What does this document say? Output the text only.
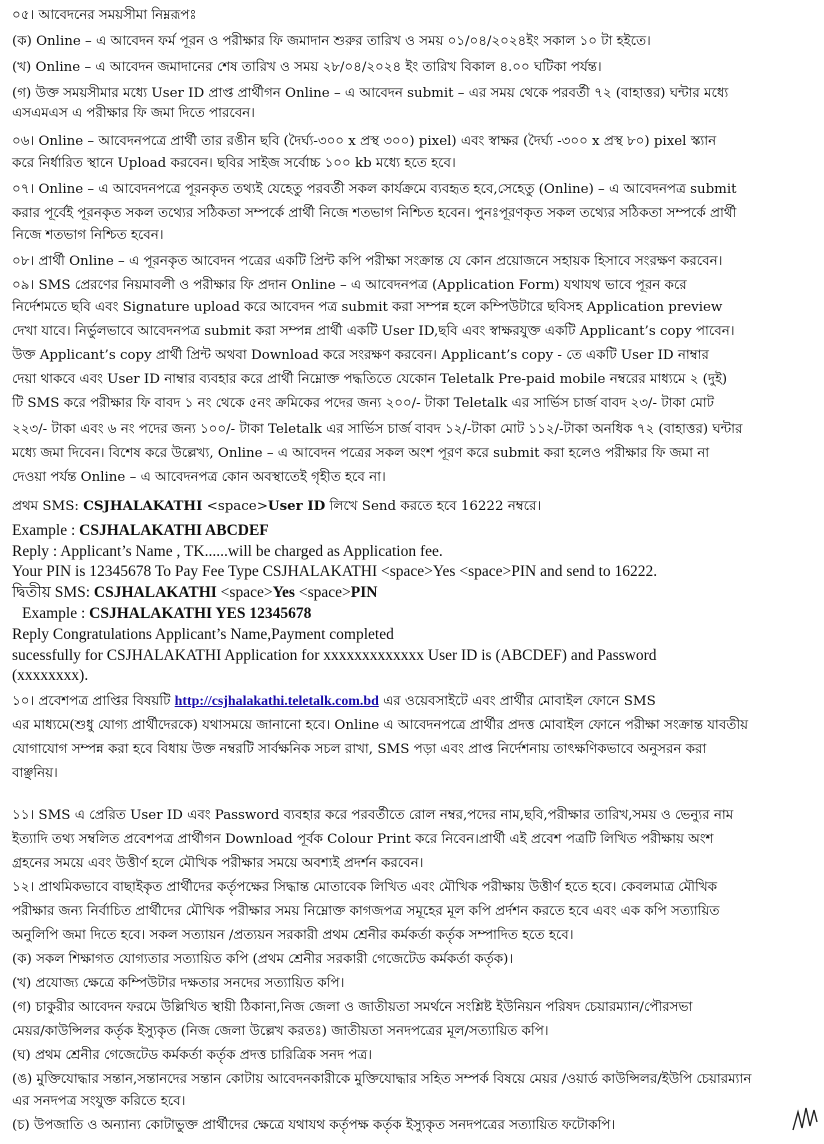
০৫। আবেদনের সময়সীমা নিম্নরূপঃ
(ক) Online – এ আবেদন ফর্ম পূরন ও পরীক্ষার ফি জমাদান শুরুর তারিখ ও সময় ০১/০৪/২০২৪ইং সকাল ১০ টা হইতে।
(খ) Online – এ আবেদন জমাদানের শেষ তারিখ ও সময় ২৮/০৪/২০২৪ ইং তারিখ বিকাল ৪.০০ ঘটিকা পর্যন্ত।
(গ) উক্ত সময়সীমার মধ্যে User ID প্রাপ্ত প্রার্থীগন Online – এ আবেদন submit – এর সময় থেকে পরবর্তী ৭২ (বাহাত্তর) ঘন্টার মধ্যে
এসএমএস এ পরীক্ষার ফি জমা দিতে পারবেন।
০৬। Online – আবেদনপত্রে প্রার্থী তার রঙীন ছবি (দৈর্ঘ্য-৩০০ x প্রস্থ ৩০০) pixel) এবং স্বাক্ষর (দৈর্ঘ্য -৩০০ x প্রস্থ ৮০) pixel স্ক্যান
করে নির্ধারিত স্থানে Upload করবেন। ছবির সাইজ সর্বোচ্চ ১০০ kb মধ্যে হতে হবে।
০৭। Online – এ আবেদনপত্রে পূরনকৃত তথ্যই যেহেতু পরবর্তী সকল কার্যক্রমে ব্যবহৃত হবে,সেহেতু (Online) – এ আবেদনপত্র submit
করার পূর্বেই পূরনকৃত সকল তথ্যের সঠিকতা সম্পর্কে প্রার্থী নিজে শতভাগ নিশ্চিত হবেন। পুনঃপূরণকৃত সকল তথ্যের সঠিকতা সম্পর্কে প্রার্থী
নিজে শতভাগ নিশ্চিত হবেন।
০৮। প্রার্থী Online – এ পূরনকৃত আবেদন পত্রের একটি প্রিন্ট কপি পরীক্ষা সংক্রান্ত যে কোন প্রয়োজনে সহায়ক হিসাবে সংরক্ষণ করবেন।
০৯। SMS প্রেরণের নিয়মাবলী ও পরীক্ষার ফি প্রদান Online – এ আবেদনপত্র (Application Form) যথাযথ ভাবে পূরন করে
নির্দেশমতে ছবি এবং Signature upload করে আবেদন পত্র submit করা সম্পন্ন হলে কম্পিউটারে ছবিসহ Application preview
দেখা যাবে। নির্ভুলভাবে আবেদনপত্র submit করা সম্পন্ন প্রার্থী একটি User ID,ছবি এবং স্বাক্ষরযুক্ত একটি Applicant’s copy পাবেন।
উক্ত Applicant’s copy প্রার্থী প্রিন্ট অথবা Download করে সংরক্ষণ করবেন। Applicant’s copy - তে একটি User ID নাম্বার
দেয়া থাকবে এবং User ID নাম্বার ব্যবহার করে প্রার্থী নিম্নোক্ত পদ্ধতিতে যেকোন Teletalk Pre-paid mobile নম্বরের মাধ্যমে ২ (দুই)
টি SMS করে পরীক্ষার ফি বাবদ ১ নং থেকে ৫নং ক্রমিকের পদের জন্য ২০০/- টাকা Teletalk এর সার্ভিস চার্জ বাবদ ২৩/- টাকা মোট
২২৩/- টাকা এবং ৬ নং পদের জন্য ১০০/- টাকা Teletalk এর সার্ভিস চার্জ বাবদ ১২/-টাকা মোট ১১২/-টাকা অনধিক ৭২ (বাহাত্তর) ঘন্টার
মধ্যে জমা দিবেন। বিশেষ করে উল্লেখ্য, Online – এ আবেদন পত্রের সকল অংশ পূরণ করে submit করা হলেও পরীক্ষার ফি জমা না
দেওয়া পর্যন্ত Online – এ আবেদনপত্র কোন অবস্থাতেই গৃহীত হবে না।
প্রথম SMS: CSJHALAKATHI <space>User ID লিখে Send করতে হবে 16222 নম্বরে।
Example : CSJHALAKATHI ABCDEF
Reply : Applicant’s Name , TK......will be charged as Application fee.
Your PIN is 12345678 To Pay Fee Type CSJHALAKATHI <space>Yes <space>PIN and send to 16222.
দ্বিতীয় SMS: CSJHALAKATHI <space>Yes <space>PIN
Example : CSJHALAKATHI YES 12345678
Reply Congratulations Applicant’s Name,Payment completed
sucessfully for CSJHALAKATHI Application for xxxxxxxxxxxxx User ID is (ABCDEF) and Password
(xxxxxxxx).
১০। প্রবেশপত্র প্রাপ্তির বিষয়টি http://csjhalakathi.teletalk.com.bd এর ওয়েবসাইটে এবং প্রার্থীর মোবাইল ফোনে SMS
এর মাধ্যমে(শুধু যোগ্য প্রার্থীদেরকে) যথাসময়ে জানানো হবে। Online এ আবেদনপত্রে প্রার্থীর প্রদত্ত মোবাইল ফোনে পরীক্ষা সংক্রান্ত যাবতীয়
যোগাযোগ সম্পন্ন করা হবে বিধায় উক্ত নম্বরটি সার্বক্ষনিক সচল রাখা, SMS পড়া এবং প্রাপ্ত নির্দেশনায় তাৎক্ষণিকভাবে অনুসরন করা
বাঞ্ছনিয়।
১১। SMS এ প্রেরিত User ID এবং Password ব্যবহার করে পরবর্তীতে রোল নম্বর,পদের নাম,ছবি,পরীক্ষার তারিখ,সময় ও ভেন্যুর নাম
ইত্যাদি তথ্য সম্বলিত প্রবেশপত্র প্রার্থীগন Download পূর্বক Colour Print করে নিবেন।প্রার্থী এই প্রবেশ পত্রটি লিখিত পরীক্ষায় অংশ
গ্রহনের সময়ে এবং উত্তীর্ণ হলে মৌখিক পরীক্ষার সময়ে অবশ্যই প্রদর্শন করবেন।
১২। প্রাথমিকভাবে বাছাইকৃত প্রার্থীদের কর্তৃপক্ষের সিদ্ধান্ত মোতাবেক লিখিত এবং মৌখিক পরীক্ষায় উত্তীর্ণ হতে হবে। কেবলমাত্র মৌখিক
পরীক্ষার জন্য নির্বাচিত প্রার্থীদের মৌখিক পরীক্ষার সময় নিম্নোক্ত কাগজপত্র সমূহের মূল কপি প্রর্দশন করতে হবে এবং এক কপি সত্যায়িত
অনুলিপি জমা দিতে হবে। সকল সত্যায়ন /প্রত্যয়ন সরকারী প্রথম শ্রেনীর কর্মকর্তা কর্তৃক সম্পাদিত হতে হবে।
(ক) সকল শিক্ষাগত যোগ্যতার সত্যায়িত কপি (প্রথম শ্রেনীর সরকারী গেজেটেড কর্মকর্তা কর্তৃক)।
(খ) প্রযোজ্য ক্ষেত্রে কম্পিউটার দক্ষতার সনদের সত্যায়িত কপি।
(গ) চাকুরীর আবেদন ফরমে উল্লিখিত স্থায়ী ঠিকানা,নিজ জেলা ও জাতীয়তা সমর্থনে সংশ্লিষ্ট ইউনিয়ন পরিষদ চেয়ারম্যান/পৌরসভা
মেয়র/কাউন্সিলর কর্তৃক ইস্যুকৃত (নিজ জেলা উল্লেখ করতঃ) জাতীয়তা সনদপত্রের মূল/সত্যায়িত কপি।
(ঘ) প্রথম শ্রেনীর গেজেটেড কর্মকর্তা কর্তৃক প্রদত্ত চারিত্রিক সনদ পত্র।
(ঙ) মুক্তিযোদ্ধার সন্তান,সন্তানদের সন্তান কোটায় আবেদনকারীকে মুক্তিযোদ্ধার সহিত সম্পর্ক বিষয়ে মেয়র /ওয়ার্ড কাউন্সিলর/ইউপি চেয়ারম্যান
এর সনদপত্র সংযুক্ত করিতে হবে।
(চ) উপজাতি ও অন্যান্য কোটাভুক্ত প্রার্থীদের ক্ষেত্রে যথাযথ কর্তৃপক্ষ কর্তৃক ইস্যুকৃত সনদপত্রের সত্যায়িত ফটোকপি।
